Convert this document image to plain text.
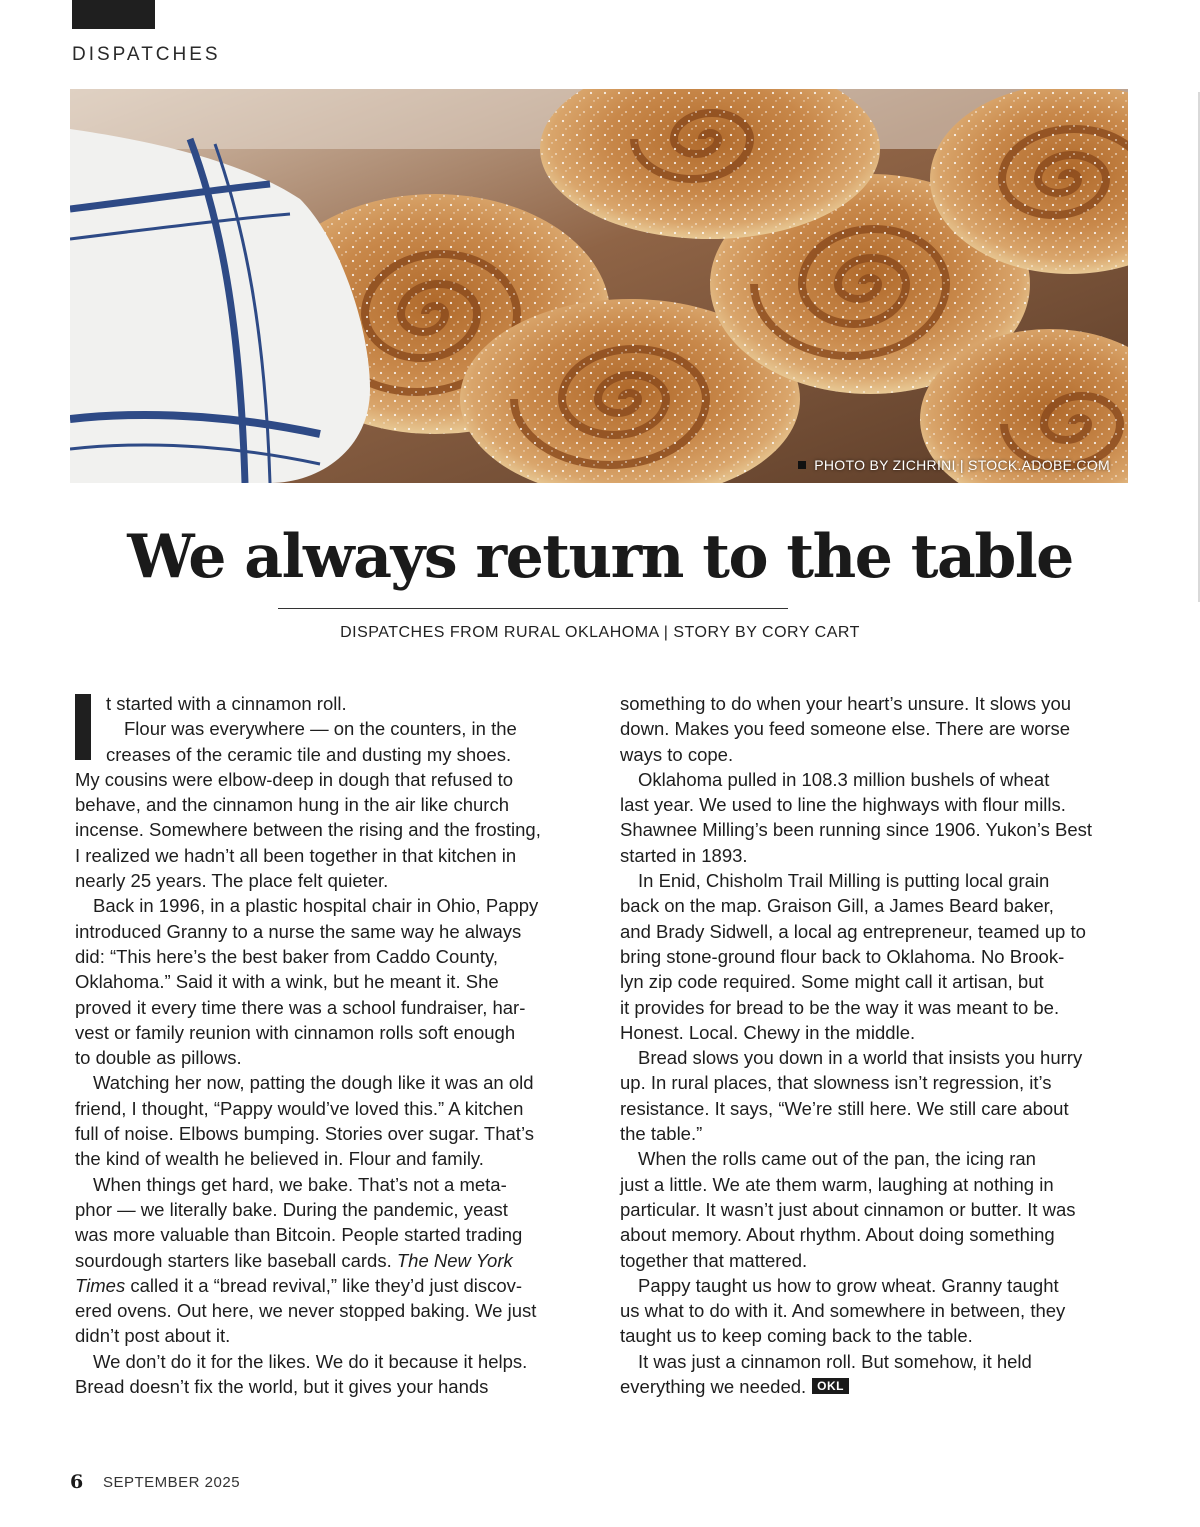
DISPATCHES
PHOTO BY ZICHRINI | STOCK.ADOBE.COM
We always return to the table
DISPATCHES FROM RURAL OKLAHOMA | STORY BY CORY CART

t started with a cinnamon roll.

Flour was everywhere — on the counters, in the

creases of the ceramic tile and dusting my shoes.

My cousins were elbow-deep in dough that refused to

behave, and the cinnamon hung in the air like church

incense. Somewhere between the rising and the frosting,

I realized we hadn’t all been together in that kitchen in

nearly 25 years. The place felt quieter.

Back in 1996, in a plastic hospital chair in Ohio, Pappy

introduced Granny to a nurse the same way he always

did: “This here’s the best baker from Caddo County,

Oklahoma.” Said it with a wink, but he meant it. She

proved it every time there was a school fundraiser, har-

vest or family reunion with cinnamon rolls soft enough

to double as pillows.

Watching her now, patting the dough like it was an old

friend, I thought, “Pappy would’ve loved this.” A kitchen

full of noise. Elbows bumping. Stories over sugar. That’s

the kind of wealth he believed in. Flour and family.

When things get hard, we bake. That’s not a meta-

phor — we literally bake. During the pandemic, yeast

was more valuable than Bitcoin. People started trading

sourdough starters like baseball cards. The New York

Times called it a “bread revival,” like they’d just discov-

ered ovens. Out here, we never stopped baking. We just

didn’t post about it.

We don’t do it for the likes. We do it because it helps.

Bread doesn’t fix the world, but it gives your hands

something to do when your heart’s unsure. It slows you

down. Makes you feed someone else. There are worse

ways to cope.

Oklahoma pulled in 108.3 million bushels of wheat

last year. We used to line the highways with flour mills.

Shawnee Milling’s been running since 1906. Yukon’s Best

started in 1893.

In Enid, Chisholm Trail Milling is putting local grain

back on the map. Graison Gill, a James Beard baker,

and Brady Sidwell, a local ag entrepreneur, teamed up to

bring stone-ground flour back to Oklahoma. No Brook-

lyn zip code required. Some might call it artisan, but

it provides for bread to be the way it was meant to be.

Honest. Local. Chewy in the middle.

Bread slows you down in a world that insists you hurry

up. In rural places, that slowness isn’t regression, it’s

resistance. It says, “We’re still here. We still care about

the table.”

When the rolls came out of the pan, the icing ran

just a little. We ate them warm, laughing at nothing in

particular. It wasn’t just about cinnamon or butter. It was

about memory. About rhythm. About doing something

together that mattered.

Pappy taught us how to grow wheat. Granny taught

us what to do with it. And somewhere in between, they

taught us to keep coming back to the table.

It was just a cinnamon roll. But somehow, it held

everything we needed. OKL

6 SEPTEMBER 2025
